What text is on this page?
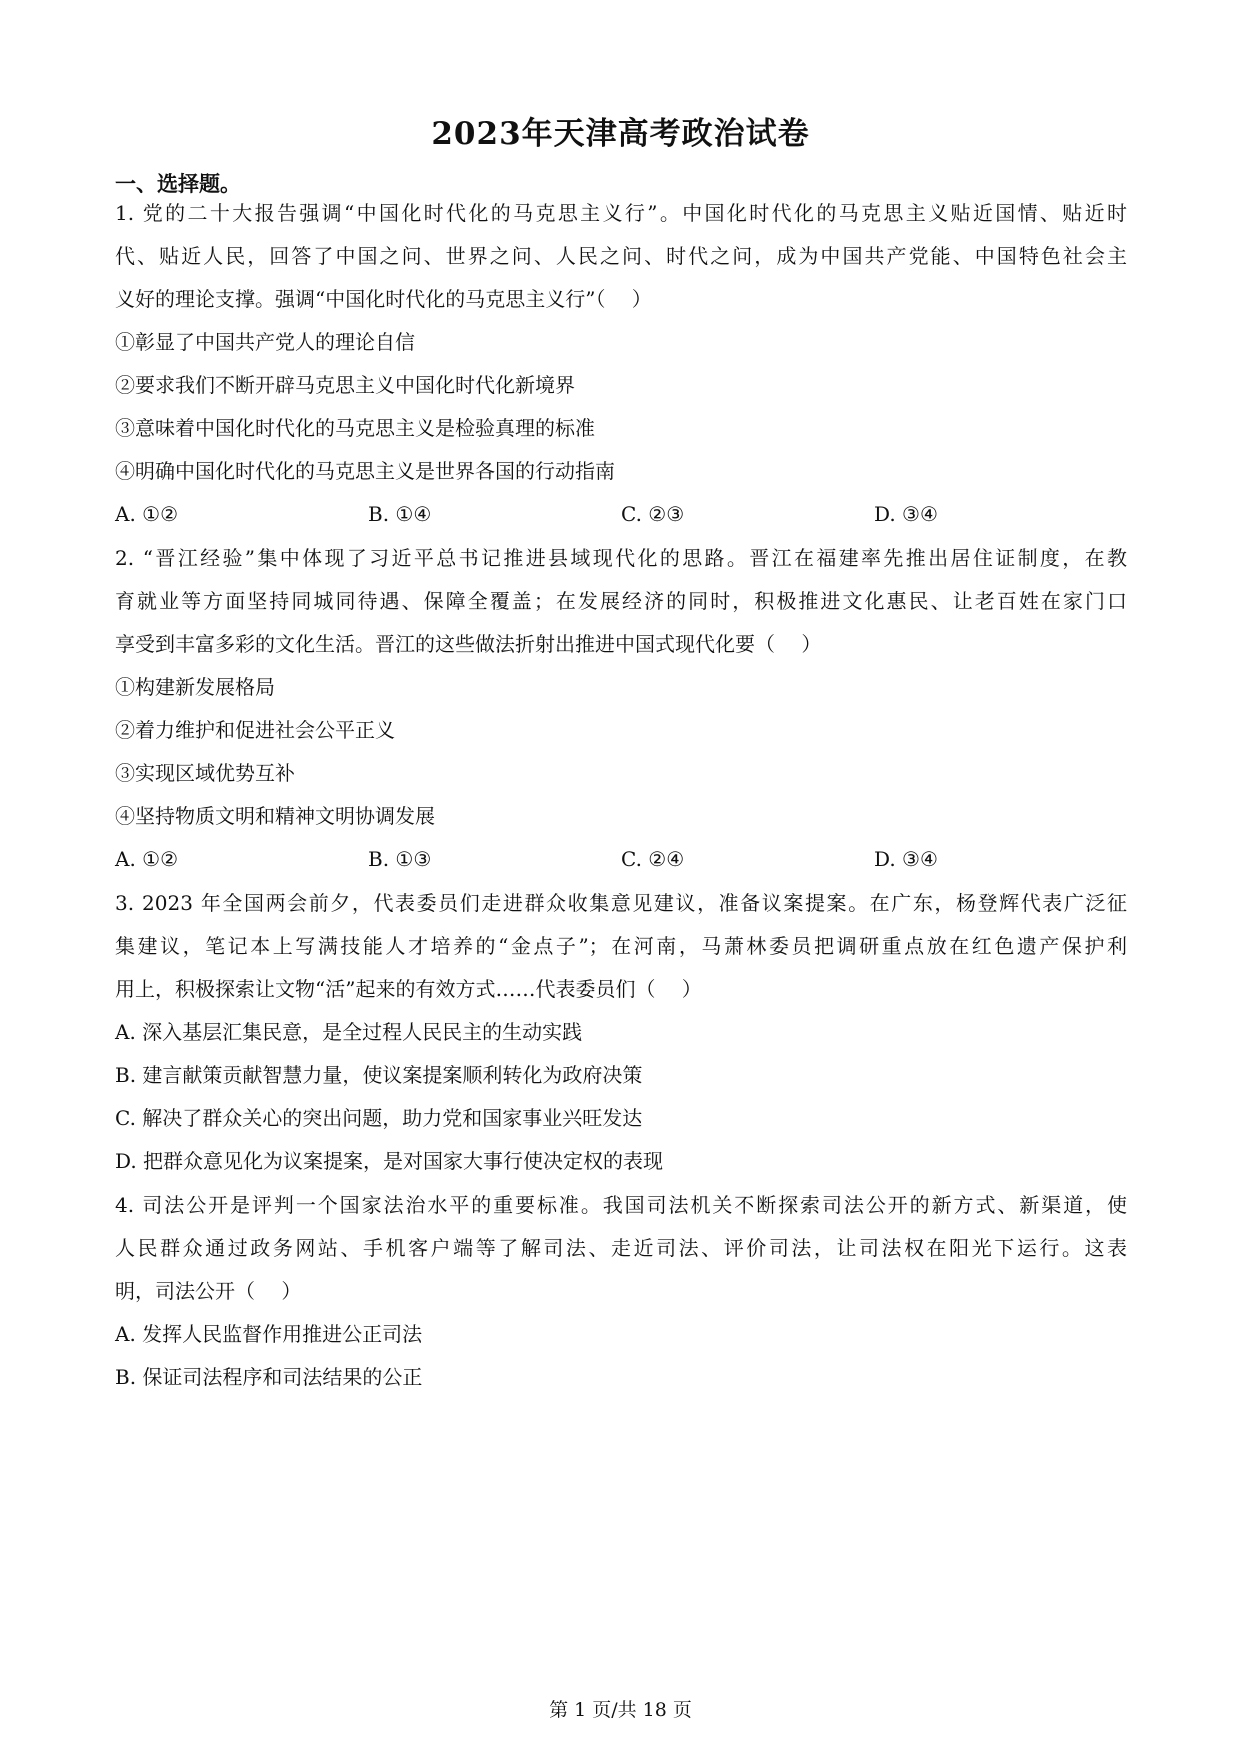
2023年天津高考政治试卷
一、选择题。
1. 党的二十大报告强调“中国化时代化的马克思主义行”。中国化时代化的马克思主义贴近国情、贴近时
代、贴近人民，回答了中国之问、世界之问、人民之问、时代之问，成为中国共产党能、中国特色社会主
义好的理论支撑。强调“中国化时代化的马克思主义行”（　 ）
①彰显了中国共产党人的理论自信
②要求我们不断开辟马克思主义中国化时代化新境界
③意味着中国化时代化的马克思主义是检验真理的标准
④明确中国化时代化的马克思主义是世界各国的行动指南
A. ①②	B. ①④	C. ②③	D. ③④
2. “晋江经验”集中体现了习近平总书记推进县域现代化的思路。晋江在福建率先推出居住证制度，在教
育就业等方面坚持同城同待遇、保障全覆盖；在发展经济的同时，积极推进文化惠民、让老百姓在家门口
享受到丰富多彩的文化生活。晋江的这些做法折射出推进中国式现代化要（　 ）
①构建新发展格局
②着力维护和促进社会公平正义
③实现区域优势互补
④坚持物质文明和精神文明协调发展
A. ①②	B. ①③	C. ②④	D. ③④
3. 2023 年全国两会前夕，代表委员们走进群众收集意见建议，准备议案提案。在广东，杨登辉代表广泛征
集建议，笔记本上写满技能人才培养的“金点子”；在河南，马萧林委员把调研重点放在红色遗产保护利
用上，积极探索让文物“活”起来的有效方式……代表委员们（　 ）
A. 深入基层汇集民意，是全过程人民民主的生动实践
B. 建言献策贡献智慧力量，使议案提案顺利转化为政府决策
C. 解决了群众关心的突出问题，助力党和国家事业兴旺发达
D. 把群众意见化为议案提案，是对国家大事行使决定权的表现
4. 司法公开是评判一个国家法治水平的重要标准。我国司法机关不断探索司法公开的新方式、新渠道，使
人民群众通过政务网站、手机客户端等了解司法、走近司法、评价司法，让司法权在阳光下运行。这表
明，司法公开（　 ）
A. 发挥人民监督作用推进公正司法
B. 保证司法程序和司法结果的公正
第 1 页/共 18 页
